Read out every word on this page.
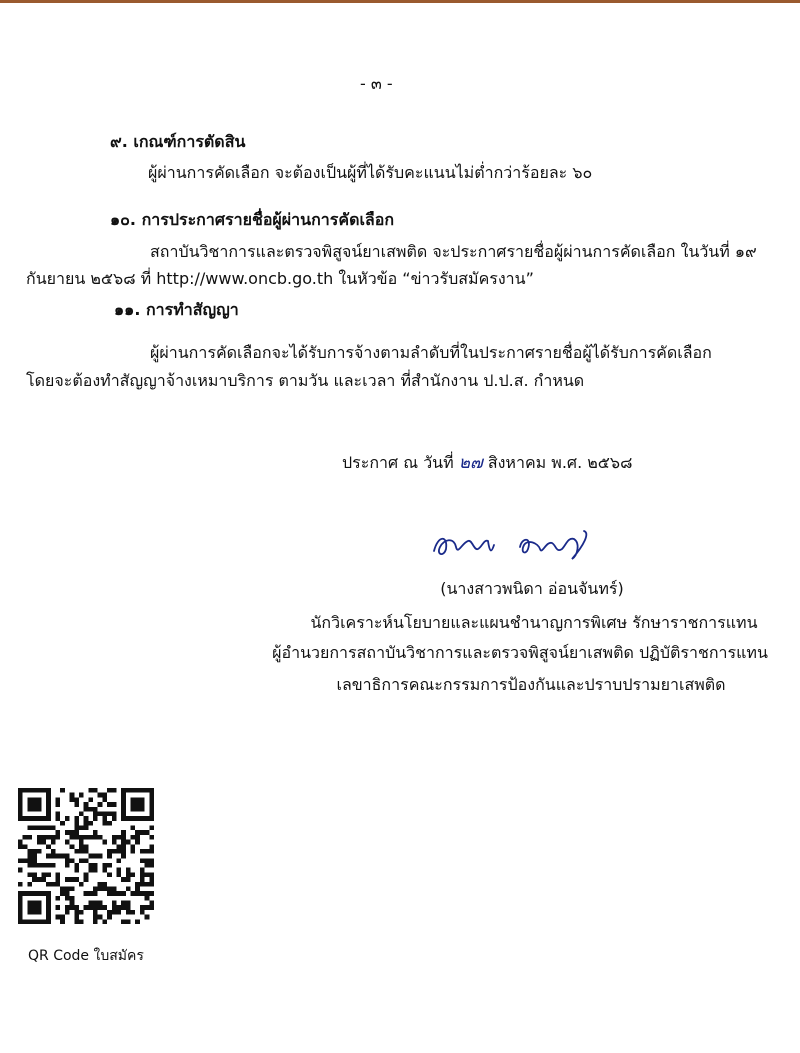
- ๓ -
๙. เกณฑ์การตัดสิน
ผู้ผ่านการคัดเลือก จะต้องเป็นผู้ที่ได้รับคะแนนไม่ต่ำกว่าร้อยละ ๖๐
๑๐. การประกาศรายชื่อผู้ผ่านการคัดเลือก
สถาบันวิชาการและตรวจพิสูจน์ยาเสพติด จะประกาศรายชื่อผู้ผ่านการคัดเลือก ในวันที่ ๑๙
กันยายน ๒๕๖๘ ที่ http://www.oncb.go.th ในหัวข้อ “ข่าวรับสมัครงาน”
๑๑. การทำสัญญา
ผู้ผ่านการคัดเลือกจะได้รับการจ้างตามลำดับที่ในประกาศรายชื่อผู้ได้รับการคัดเลือก
โดยจะต้องทำสัญญาจ้างเหมาบริการ ตามวัน และเวลา ที่สำนักงาน ป.ป.ส. กำหนด
ประกาศ ณ วันที่ ๒๗ สิงหาคม พ.ศ. ๒๕๖๘
(นางสาวพนิดา อ่อนจันทร์)
นักวิเคราะห์นโยบายและแผนชำนาญการพิเศษ รักษาราชการแทน
ผู้อำนวยการสถาบันวิชาการและตรวจพิสูจน์ยาเสพติด ปฏิบัติราชการแทน
เลขาธิการคณะกรรมการป้องกันและปราบปรามยาเสพติด
QR Code ใบสมัคร
